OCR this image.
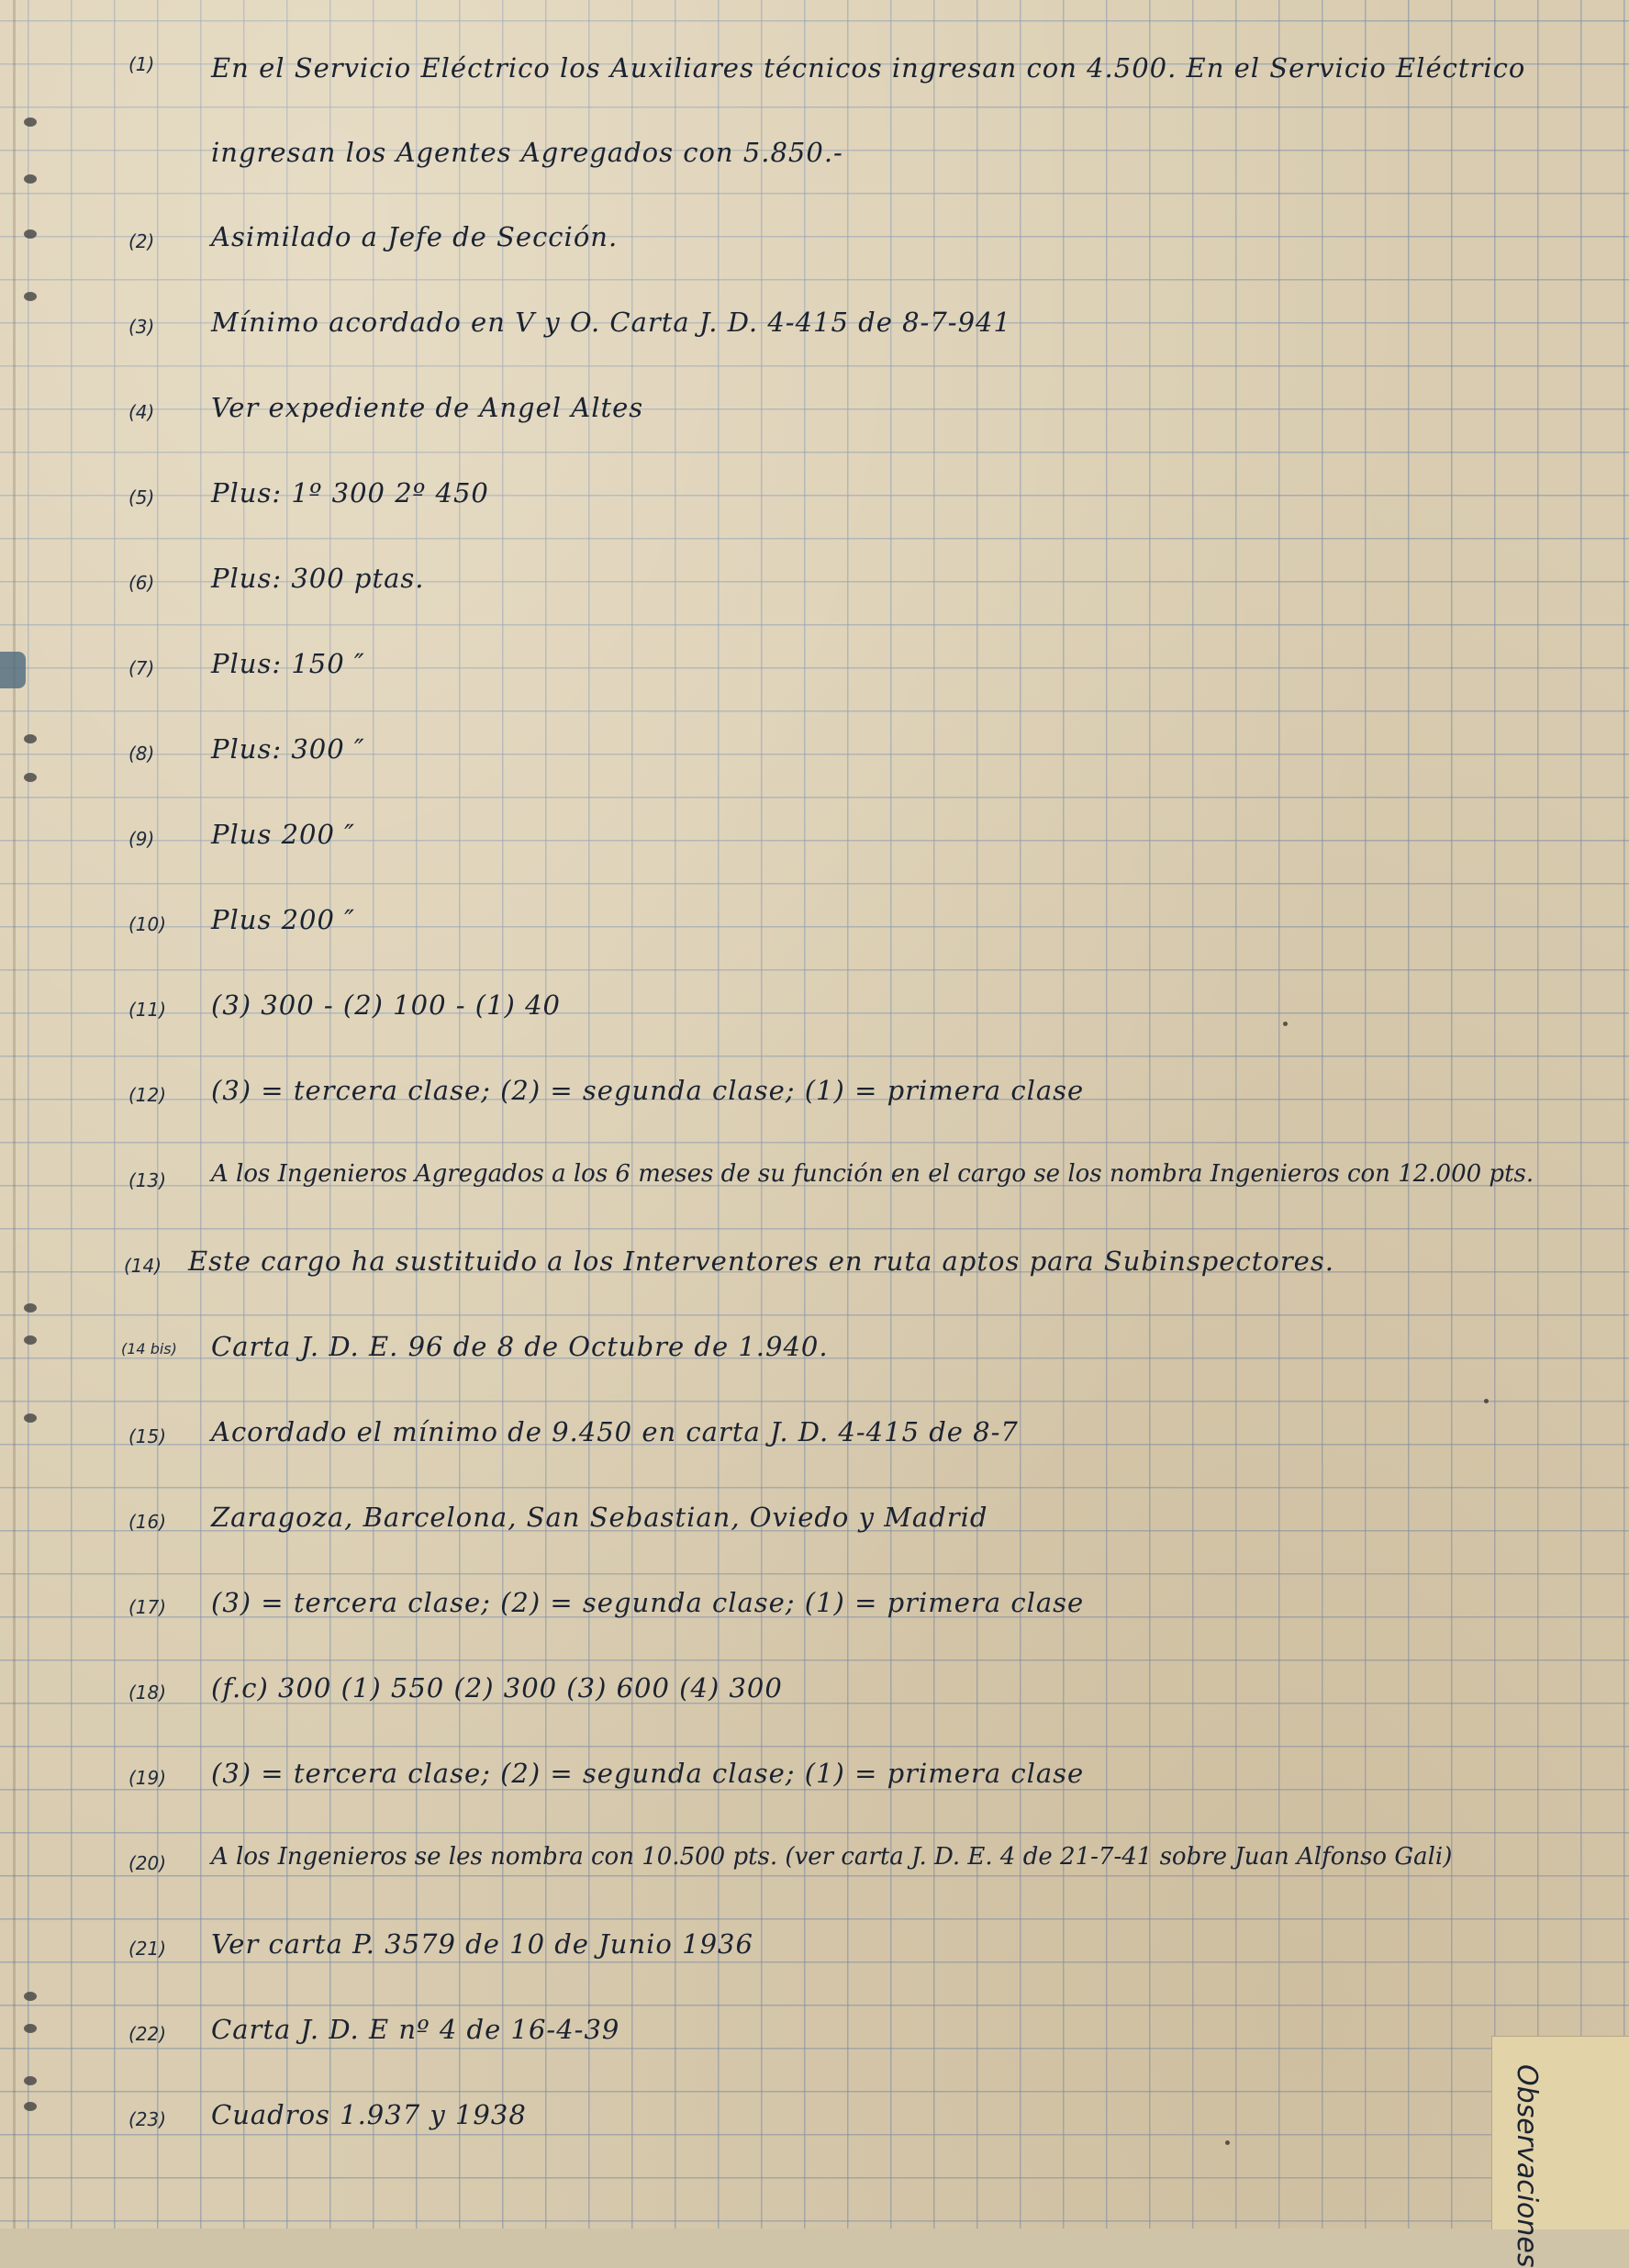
(1) En el Servicio Eléctrico los Auxiliares técnicos ingresan con 4.500. En el Servicio Eléctrico ingresan los Agentes Agregados con 5.850.-
(2) Asimilado a Jefe de Sección.
(3) Mínimo acordado en V y O. Carta J. D. 4-415 de 8-7-941
(4) Ver expediente de Angel Altes
(5) Plus: 1º 300 2º 450
(6) Plus: 300 ptas.
(7) Plus: 150 ″
(8) Plus: 300 ″
(9) Plus 200 ″
(10) Plus 200 ″
(11) (3) 300 - (2) 100 - (1) 40
(12) (3) = tercera clase; (2) = segunda clase; (1) = primera clase
(13) A los Ingenieros Agregados a los 6 meses de su función en el cargo se los nombra Ingenieros con 12.000 pts.
(14) Este cargo ha sustituido a los Interventores en ruta aptos para Subinspectores.
(14 bis) Carta J. D. E. 96 de 8 de Octubre de 1.940.
(15) Acordado el mínimo de 9.450 en carta J. D. 4-415 de 8-7
(16) Zaragoza, Barcelona, San Sebastian, Oviedo y Madrid
(17) (3) = tercera clase; (2) = segunda clase; (1) = primera clase
(18) (f.c) 300 (1) 550 (2) 300 (3) 600 (4) 300
(19) (3) = tercera clase; (2) = segunda clase; (1) = primera clase
(20) A los Ingenieros se les nombra con 10.500 pts. (ver carta J. D. E. 4 de 21-7-41 sobre Juan Alfonso Gali)
(21) Ver carta P. 3579 de 10 de Junio 1936
(22) Carta J. D. E nº 4 de 16-4-39
(23) Cuadros 1.937 y 1938	Observaciones
